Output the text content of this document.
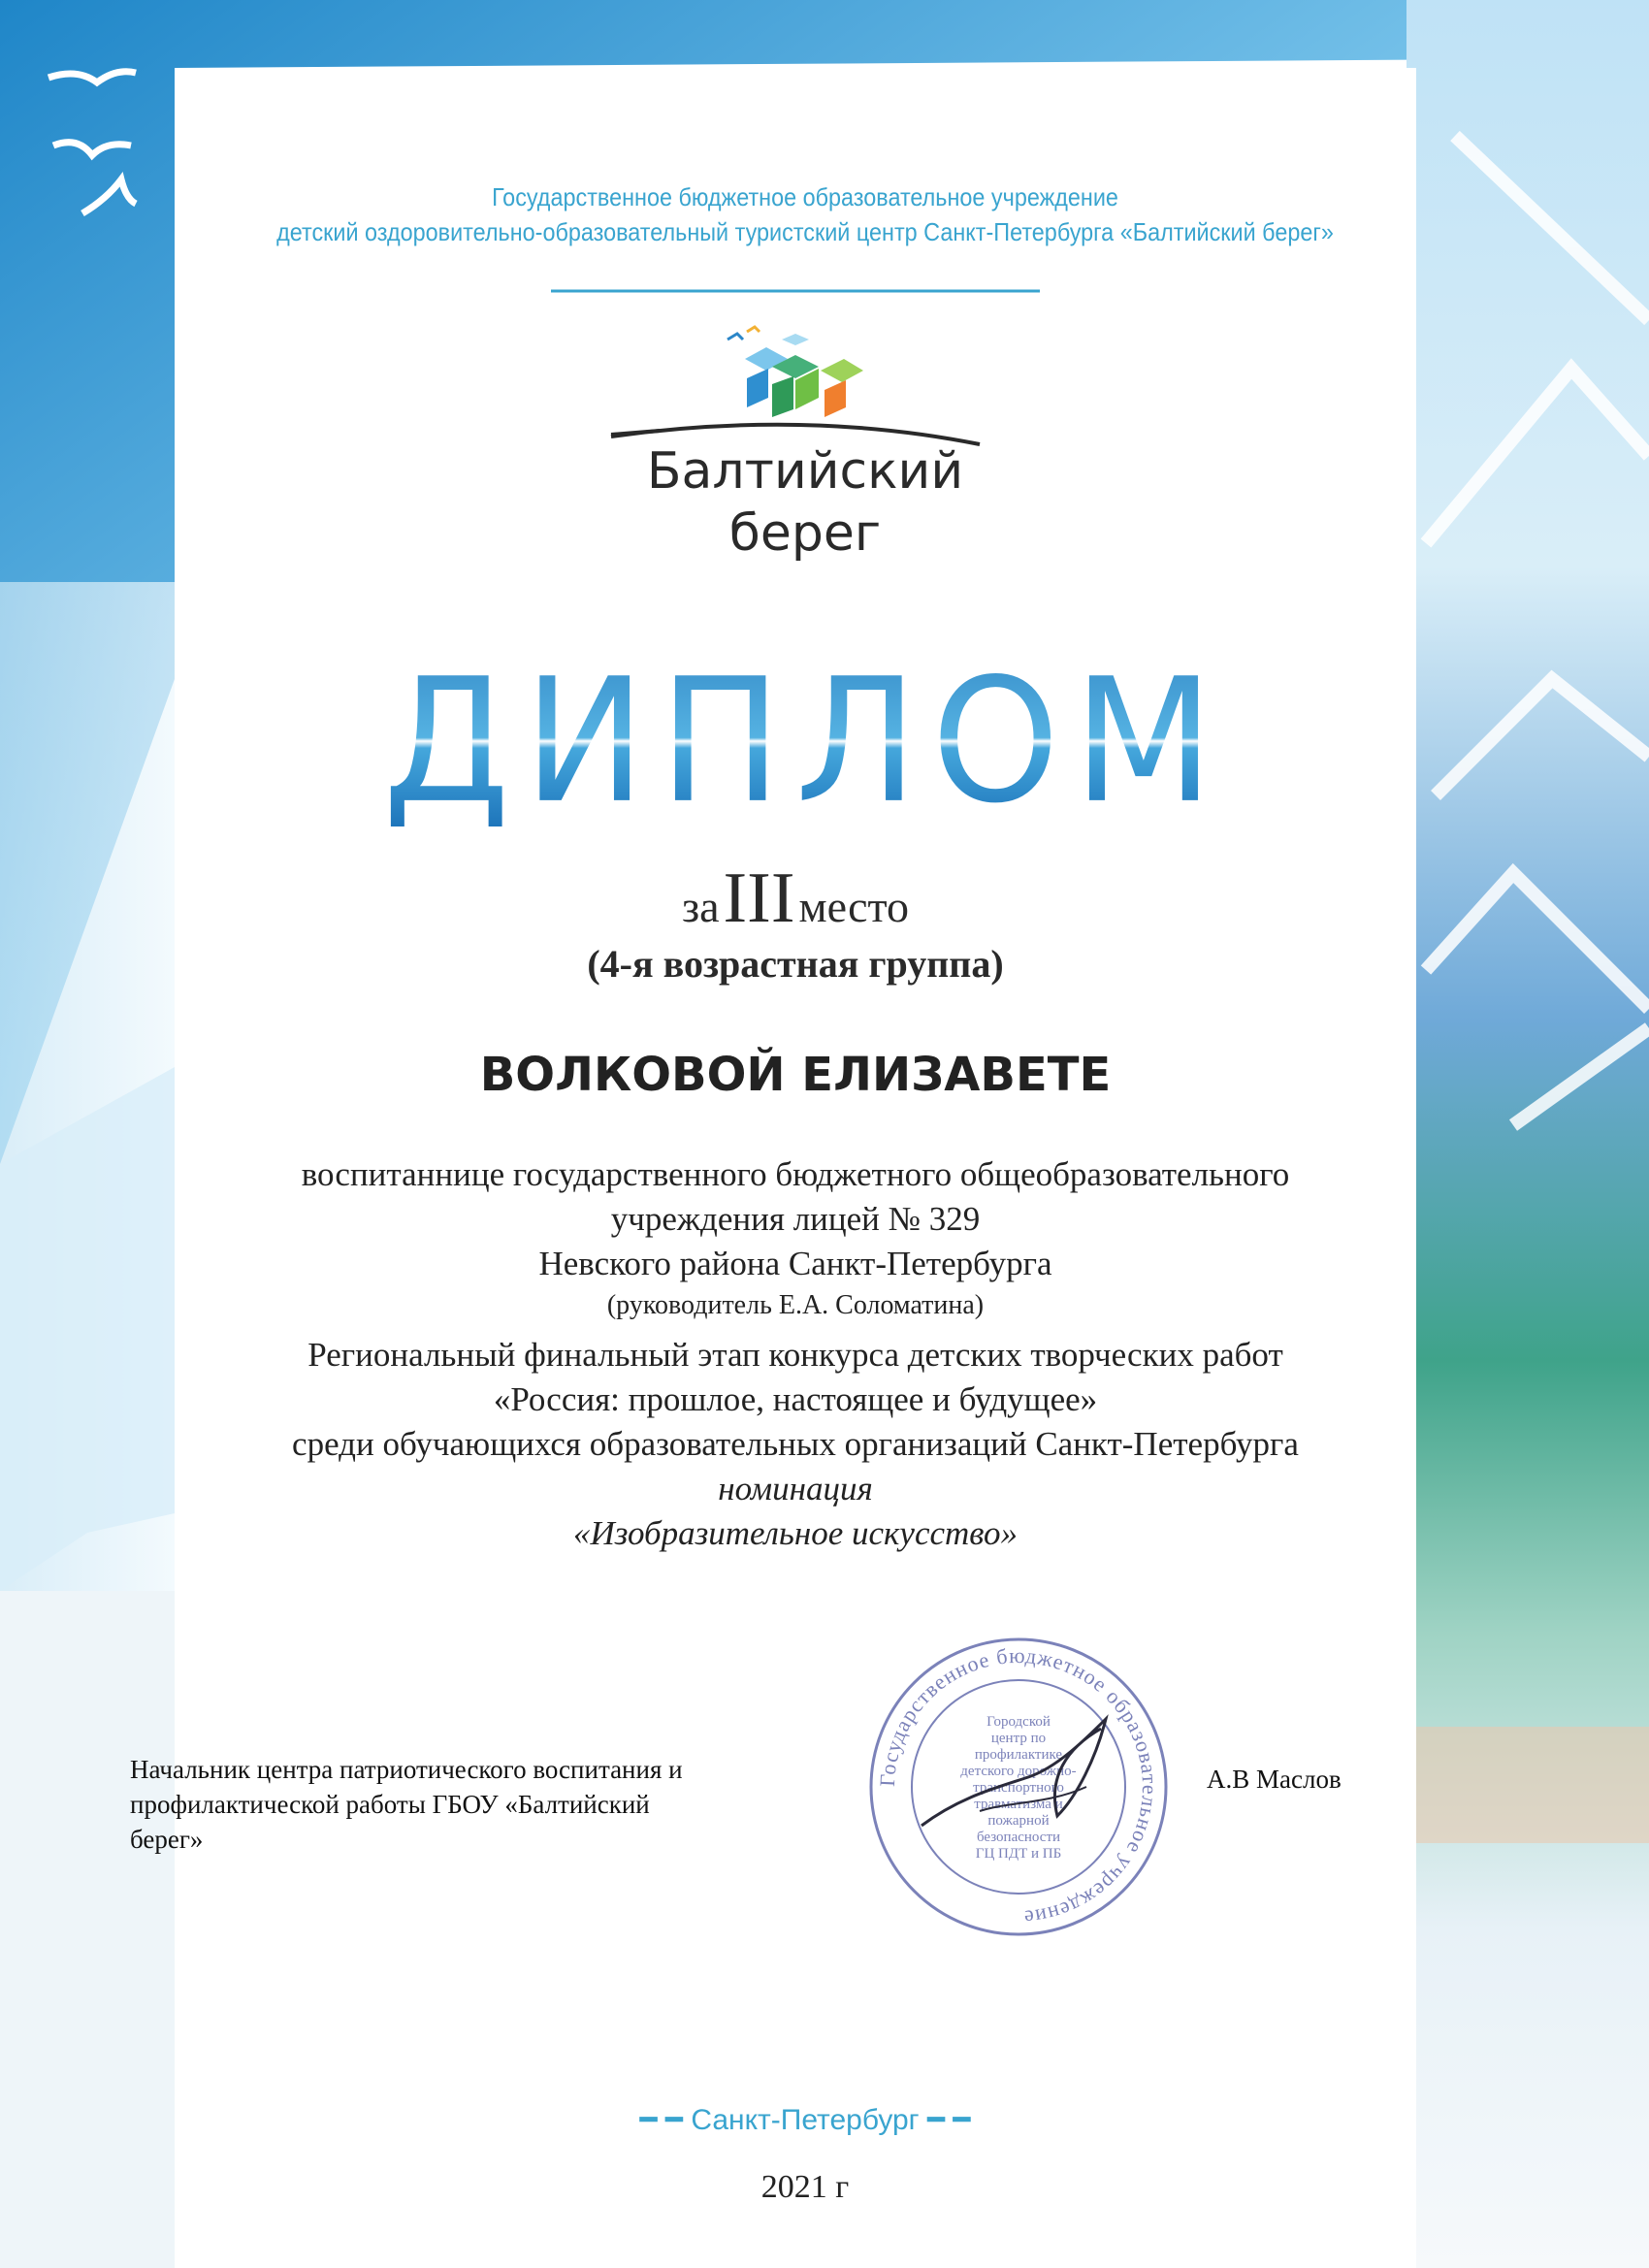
Государственное бюджетное образовательное учреждение
детский оздоровительно-образовательный туристский центр Санкт-Петербурга «Балтийский берег»
Балтийский
берег
ДИПЛОМ
за III место
(4-я возрастная группа)
ВОЛКОВОЙ ЕЛИЗАВЕТЕ
воспитаннице государственного бюджетного общеобразовательного
учреждения лицей № 329
Невского района Санкт-Петербурга
(руководитель Е.А. Соломатина)
Региональный финальный этап конкурса детских творческих работ
«Россия: прошлое, настоящее и будущее»
среди обучающихся образовательных организаций Санкт-Петербурга
номинация
«Изобразительное искусство»
Начальник центра патриотического воспитания и
профилактической работы ГБОУ «Балтийский
берег»
А.В Маслов
Государственное бюджетное образовательное учреждение
Городской
центр по
профилактике
детского дорожно-
транспортного
травматизма и
пожарной
безопасности
ГЦ ПДТ и ПБ
━ ━ Санкт-Петербург ━ ━
2021 г
